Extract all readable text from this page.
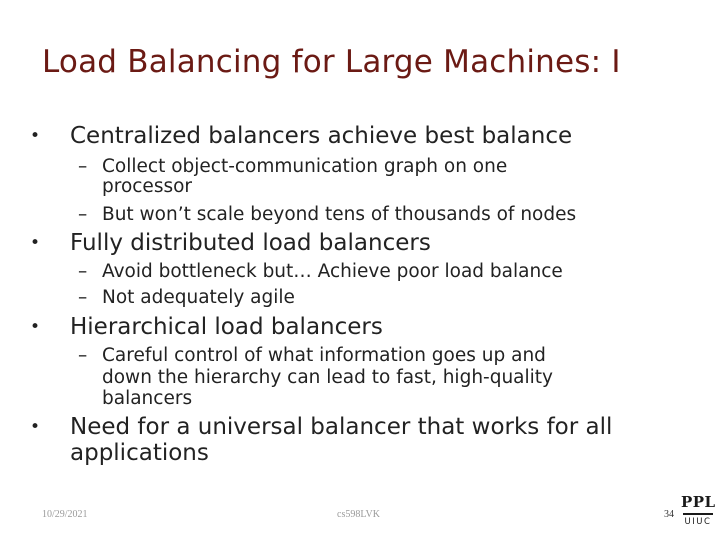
Load Balancing for Large Machines: I
•	Centralized balancers achieve best balance
– Collect object-communication graph on one
processor
– But won’t scale beyond tens of thousands of nodes
•	Fully distributed load balancers
– Avoid bottleneck but… Achieve poor load balance
– Not adequately agile
•	Hierarchical load balancers
– Careful control of what information goes up and
down the hierarchy can lead to fast, high-quality
balancers
•	Need for a universal balancer that works for all
applications
10/29/2021	cs598LVK	34
PPL
UIUC
